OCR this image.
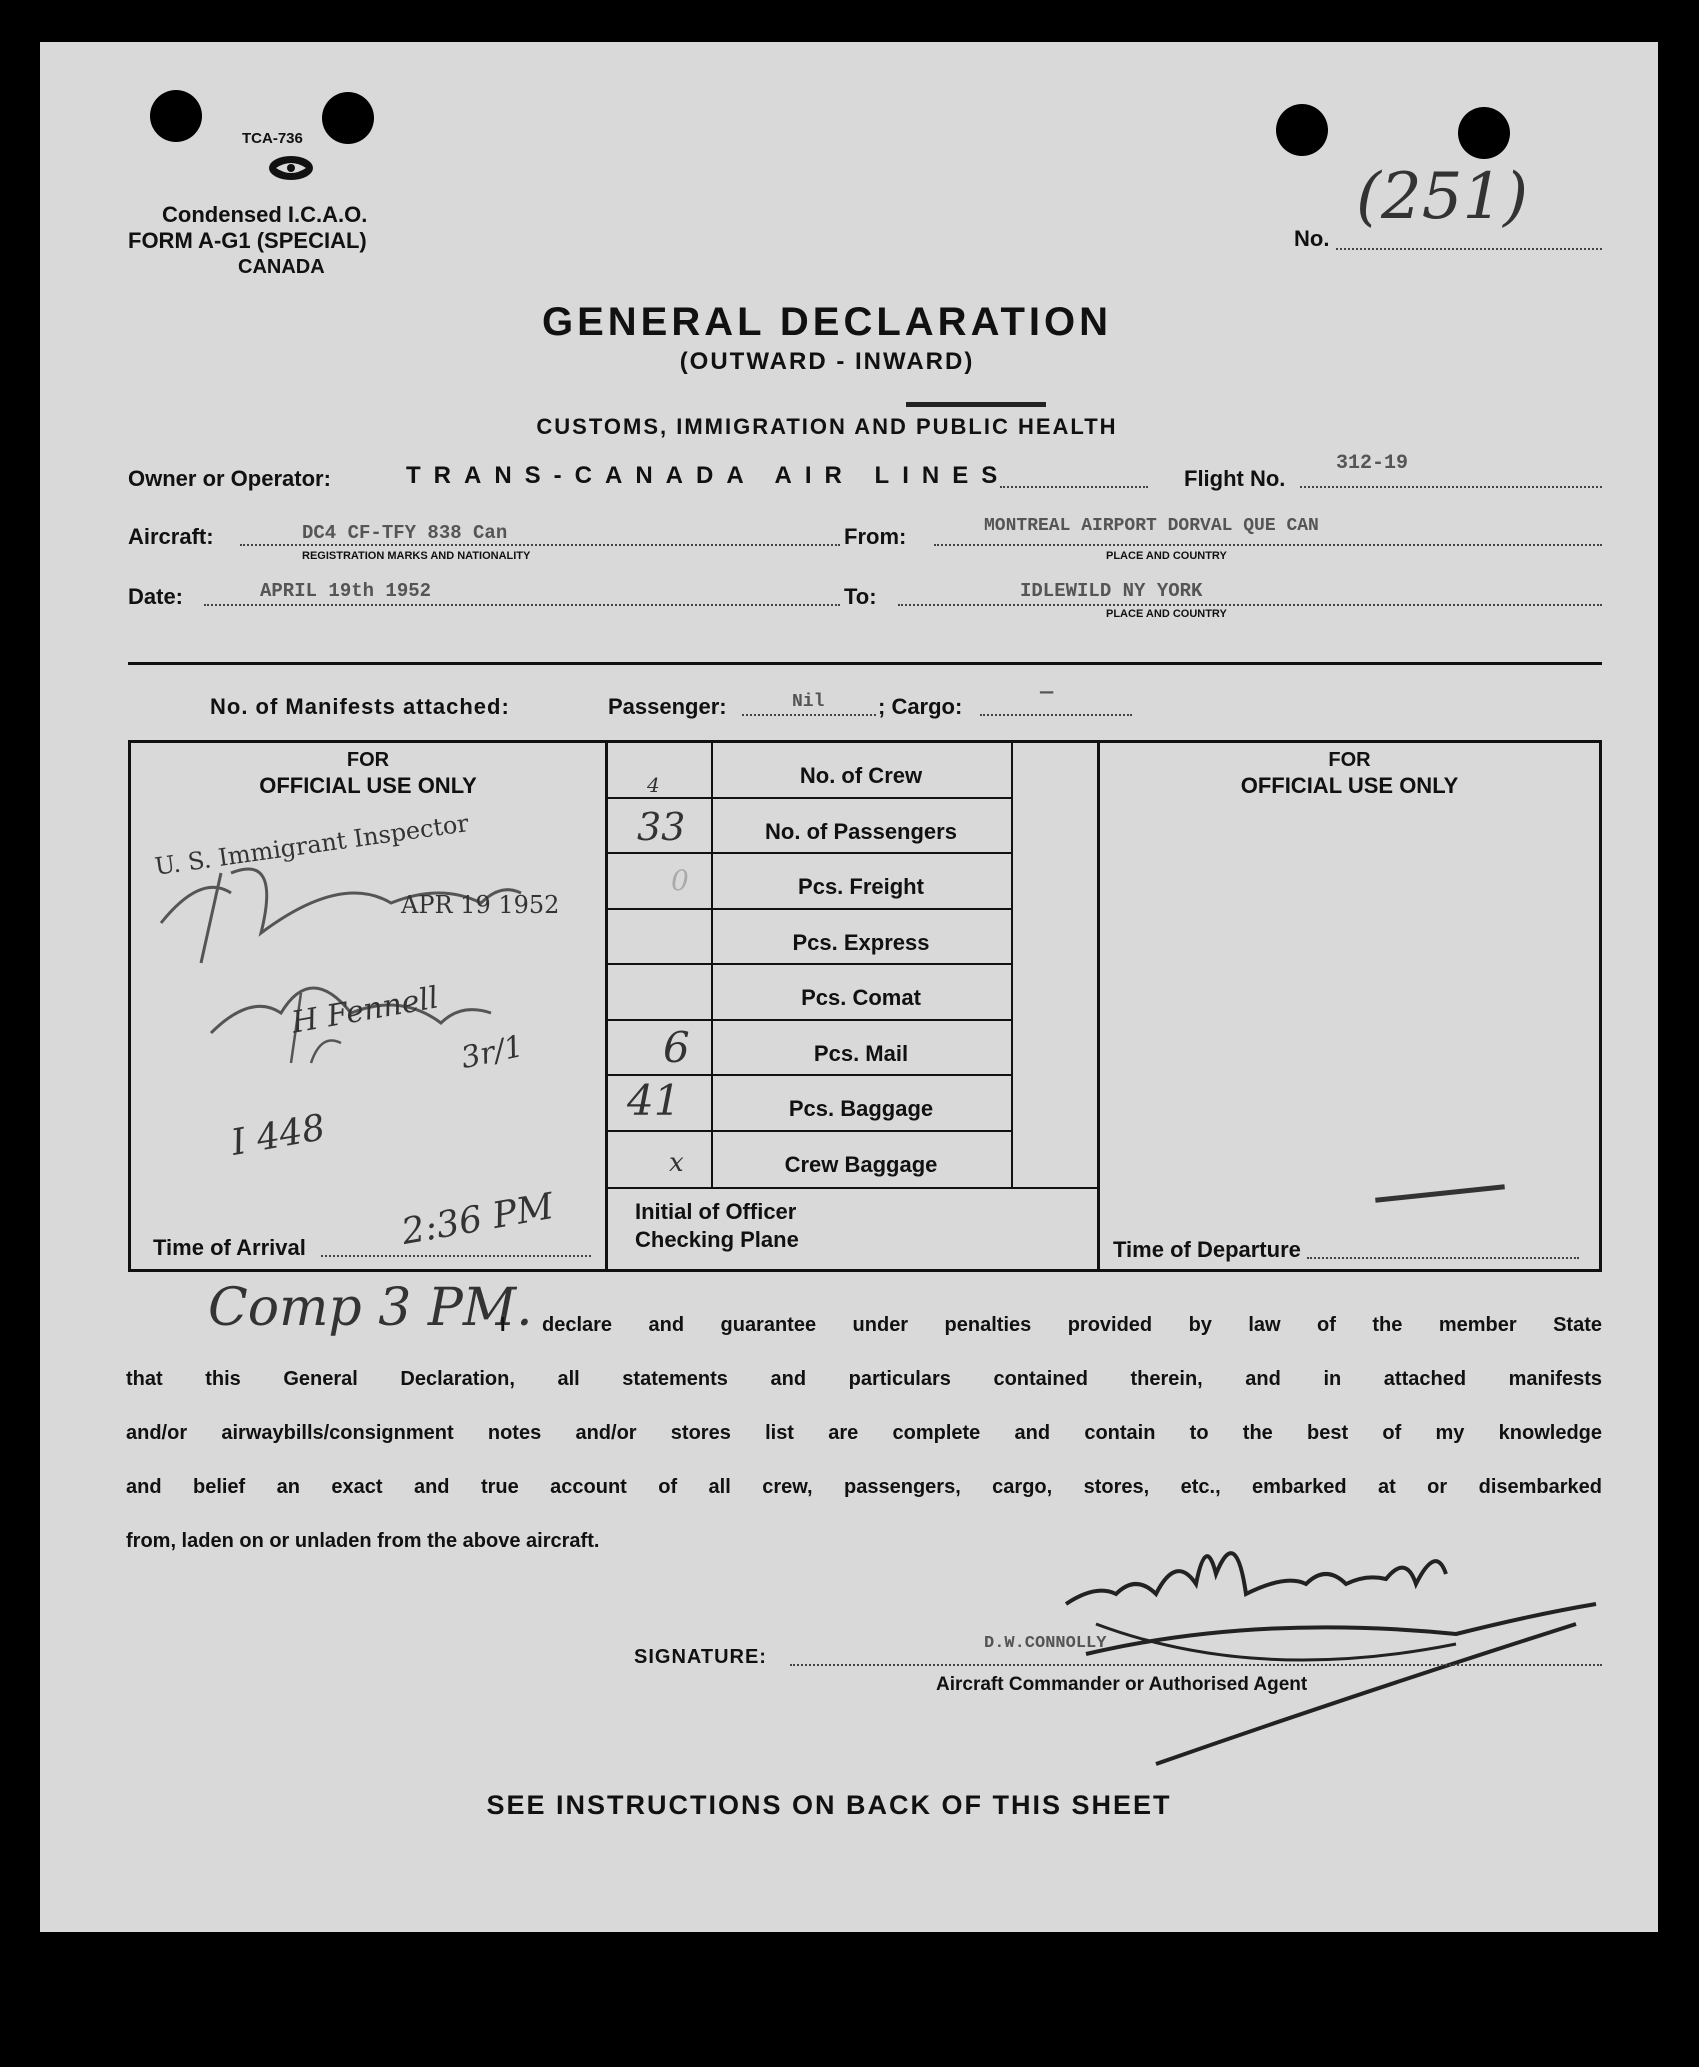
TCA-736
Condensed I.C.A.O.
FORM A-G1 (SPECIAL)
CANADA
No.
(251)
GENERAL DECLARATION
(OUTWARD - INWARD)
CUSTOMS, IMMIGRATION AND PUBLIC HEALTH
Owner or Operator:	TRANS-CANADA AIR LINES	Flight No.
312-19
Aircraft:	DC4 CF-TFY 838 Can
REGISTRATION MARKS AND NATIONALITY
From:	MONTREAL AIRPORT DORVAL QUE CAN
PLACE AND COUNTRY
Date:	APRIL 19th 1952	To:	IDLEWILD NY YORK
PLACE AND COUNTRY
No. of Manifests attached:	Passenger:	Nil ; Cargo:
—
FOR
OFFICIAL USE ONLY
U. S. Immigrant Inspector
APR 19 1952
H Fennell
3r/1
I 448
Time of Arrival	2:36 PM
4	No. of Crew
33	No. of Passengers
0	Pcs. Freight
Pcs. Express
Pcs. Comat
6	Pcs. Mail
41	Pcs. Baggage
x	Crew Baggage
Initial of Officer
Checking Plane
FOR
OFFICIAL USE ONLY
Time of Departure
Comp 3 PM.
I declare and guarantee under penalties provided by law of the member State
that this General Declaration, all statements and particulars contained therein, and in attached manifests
and/or airwaybills/consignment notes and/or stores list are complete and contain to the best of my knowledge
and belief an exact and true account of all crew, passengers, cargo, stores, etc., embarked at or disembarked
from, laden on or unladen from the above aircraft.
SIGNATURE:
D.W.CONNOLLY
Aircraft Commander or Authorised Agent
SEE INSTRUCTIONS ON BACK OF THIS SHEET
